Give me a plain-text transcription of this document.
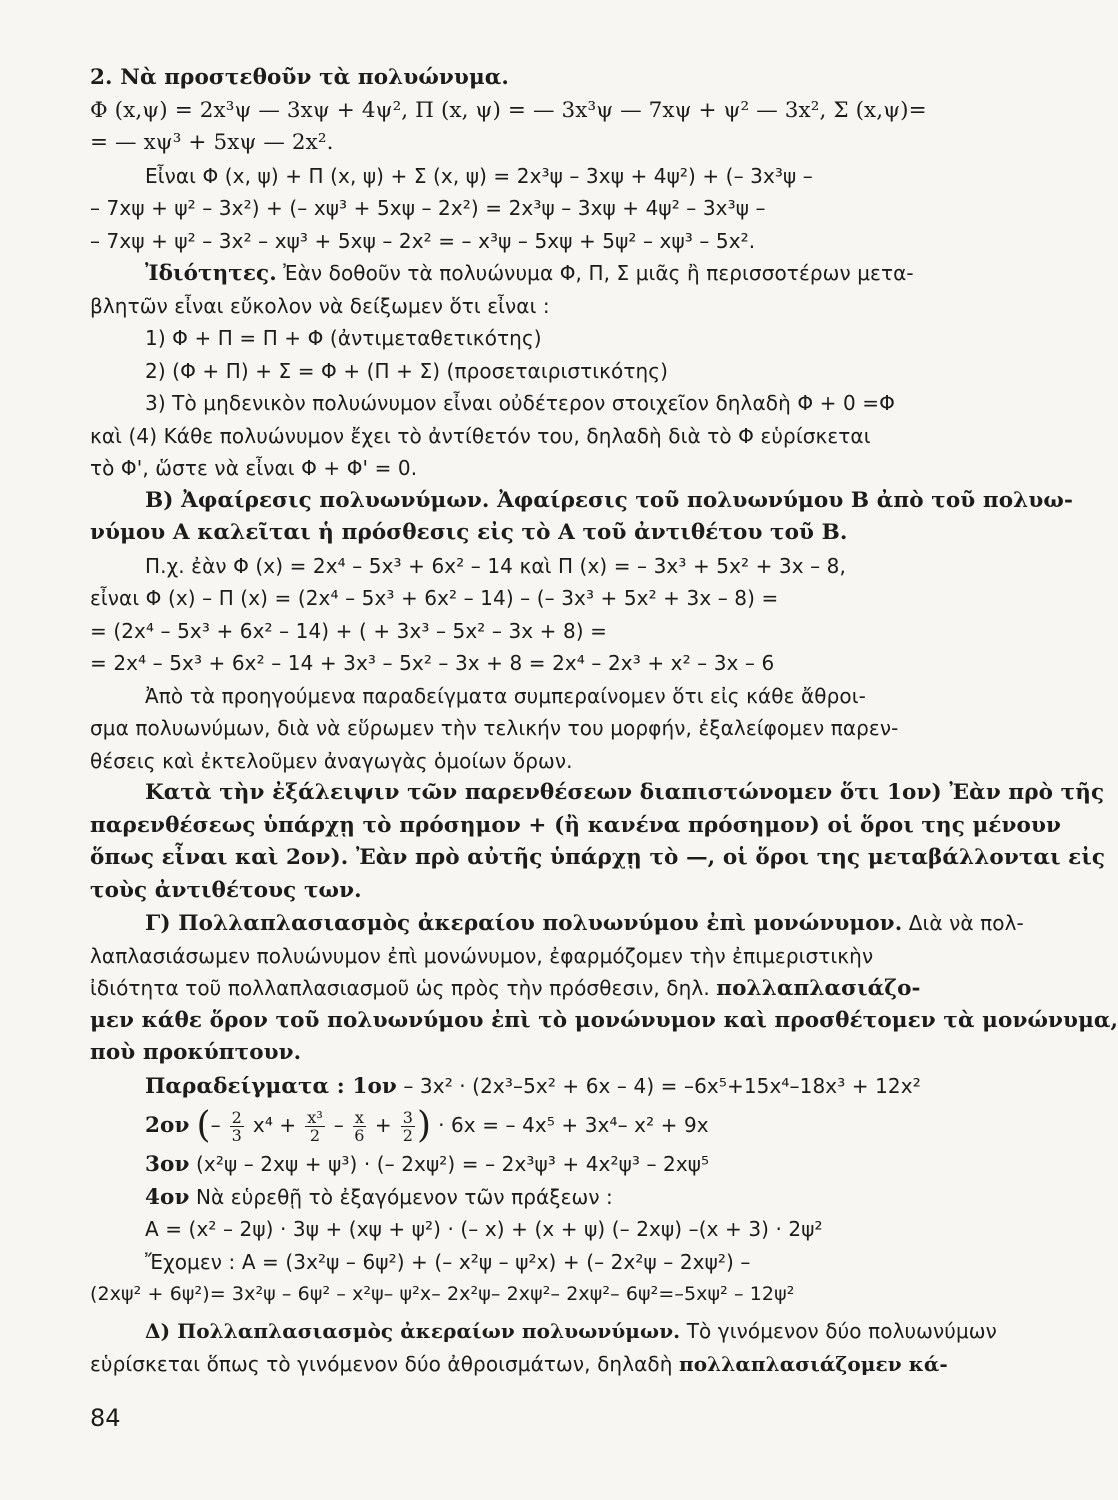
2. Νὰ προστεθοῦν τὰ πολυώνυμα.
Φ (x,ψ) = 2x³ψ — 3xψ + 4ψ², Π (x, ψ) = — 3x³ψ — 7xψ + ψ² — 3x², Σ (x,ψ)=
= — xψ³ + 5xψ — 2x².
Εἶναι Φ (x, ψ) + Π (x, ψ) + Σ (x, ψ) = 2x³ψ – 3xψ + 4ψ²) + (– 3x³ψ –
– 7xψ + ψ² – 3x²) + (– xψ³ + 5xψ – 2x²) = 2x³ψ – 3xψ + 4ψ² – 3x³ψ –
– 7xψ + ψ² – 3x² – xψ³ + 5xψ – 2x² = – x³ψ – 5xψ + 5ψ² – xψ³ – 5x².
Ἰδιότητες. Ἐὰν δοθοῦν τὰ πολυώνυμα Φ, Π, Σ μιᾶς ἢ περισσοτέρων μετα-
βλητῶν εἶναι εὔκολον νὰ δείξωμεν ὅτι εἶναι :
1) Φ + Π = Π + Φ (ἀντιμεταθετικότης)
2) (Φ + Π) + Σ = Φ + (Π + Σ) (προσεταιριστικότης)
3) Τὸ μηδενικὸν πολυώνυμον εἶναι οὐδέτερον στοιχεῖον δηλαδὴ Φ + 0 =Φ
καὶ (4) Κάθε πολυώνυμον ἔχει τὸ ἀντίθετόν του, δηλαδὴ διὰ τὸ Φ εὑρίσκεται
τὸ Φ', ὥστε νὰ εἶναι Φ + Φ' = 0.
Β) Ἀφαίρεσις πολυωνύμων. Ἀφαίρεσις τοῦ πολυωνύμου Β ἀπὸ τοῦ πολυω-
νύμου Α καλεῖται ἡ πρόσθεσις εἰς τὸ Α τοῦ ἀντιθέτου τοῦ Β.
Π.χ. ἐὰν Φ (x) = 2x⁴ – 5x³ + 6x² – 14 καὶ Π (x) = – 3x³ + 5x² + 3x – 8,
εἶναι Φ (x) – Π (x) = (2x⁴ – 5x³ + 6x² – 14) – (– 3x³ + 5x² + 3x – 8) =
= (2x⁴ – 5x³ + 6x² – 14) + ( + 3x³ – 5x² – 3x + 8) =
= 2x⁴ – 5x³ + 6x² – 14 + 3x³ – 5x² – 3x + 8 = 2x⁴ – 2x³ + x² – 3x – 6
Ἀπὸ τὰ προηγούμενα παραδείγματα συμπεραίνομεν ὅτι εἰς κάθε ἄθροι-
σμα πολυωνύμων, διὰ νὰ εὕρωμεν τὴν τελικήν του μορφήν, ἐξαλείφομεν παρεν-
θέσεις καὶ ἐκτελοῦμεν ἀναγωγὰς ὁμοίων ὅρων.
Κατὰ τὴν ἐξάλειψιν τῶν παρενθέσεων διαπιστώνομεν ὅτι 1ον) Ἐὰν πρὸ τῆς
παρενθέσεως ὑπάρχῃ τὸ πρόσημον + (ἢ κανένα πρόσημον) οἱ ὅροι της μένουν
ὅπως εἶναι καὶ 2ον). Ἐὰν πρὸ αὐτῆς ὑπάρχῃ τὸ —, οἱ ὅροι της μεταβάλλονται εἰς
τοὺς ἀντιθέτους των.
Γ) Πολλαπλασιασμὸς ἀκεραίου πολυωνύμου ἐπὶ μονώνυμον. Διὰ νὰ πολ-
λαπλασιάσωμεν πολυώνυμον ἐπὶ μονώνυμον, ἐφαρμόζομεν τὴν ἐπιμεριστικὴν
ἰδιότητα τοῦ πολλαπλασιασμοῦ ὡς πρὸς τὴν πρόσθεσιν, δηλ. πολλαπλασιάζο-
μεν κάθε ὅρον τοῦ πολυωνύμου ἐπὶ τὸ μονώνυμον καὶ προσθέτομεν τὰ μονώνυμα,
ποὺ προκύπτουν.
Παραδείγματα : 1ον – 3x² · (2x³–5x² + 6x – 4) = –6x⁵+15x⁴–18x³ + 12x²
2ον (– $\frac{2}{3} x^4 + \frac{\text{x³}}{2} - \frac{x}{6} + \frac{3}{2}$ ) · 6x = – 4x⁵ + 3x⁴– x² + 9x
3ον (x²ψ – 2xψ + ψ³) · (– 2xψ²) = – 2x³ψ³ + 4x²ψ³ – 2xψ⁵
4ον Νὰ εὑρεθῇ τὸ ἐξαγόμενον τῶν πράξεων :
Α = (x² – 2ψ) · 3ψ + (xψ + ψ²) · (– x) + (x + ψ) (– 2xψ) –(x + 3) · 2ψ²
Ἔχομεν : Α = (3x²ψ – 6ψ²) + (– x²ψ – ψ²x) + (– 2x²ψ – 2xψ²) –
(2xψ² + 6ψ²)= 3x²ψ – 6ψ² – x²ψ– ψ²x– 2x²ψ– 2xψ²– 2xψ²– 6ψ²=–5xψ² – 12ψ²
Δ) Πολλαπλασιασμὸς ἀκεραίων πολυωνύμων. Τὸ γινόμενον δύο πολυωνύμων
84
εὑρίσκεται ὅπως τὸ γινόμενον δύο ἀθροισμάτων, δηλαδὴ πολλαπλασιάζομεν κά-
